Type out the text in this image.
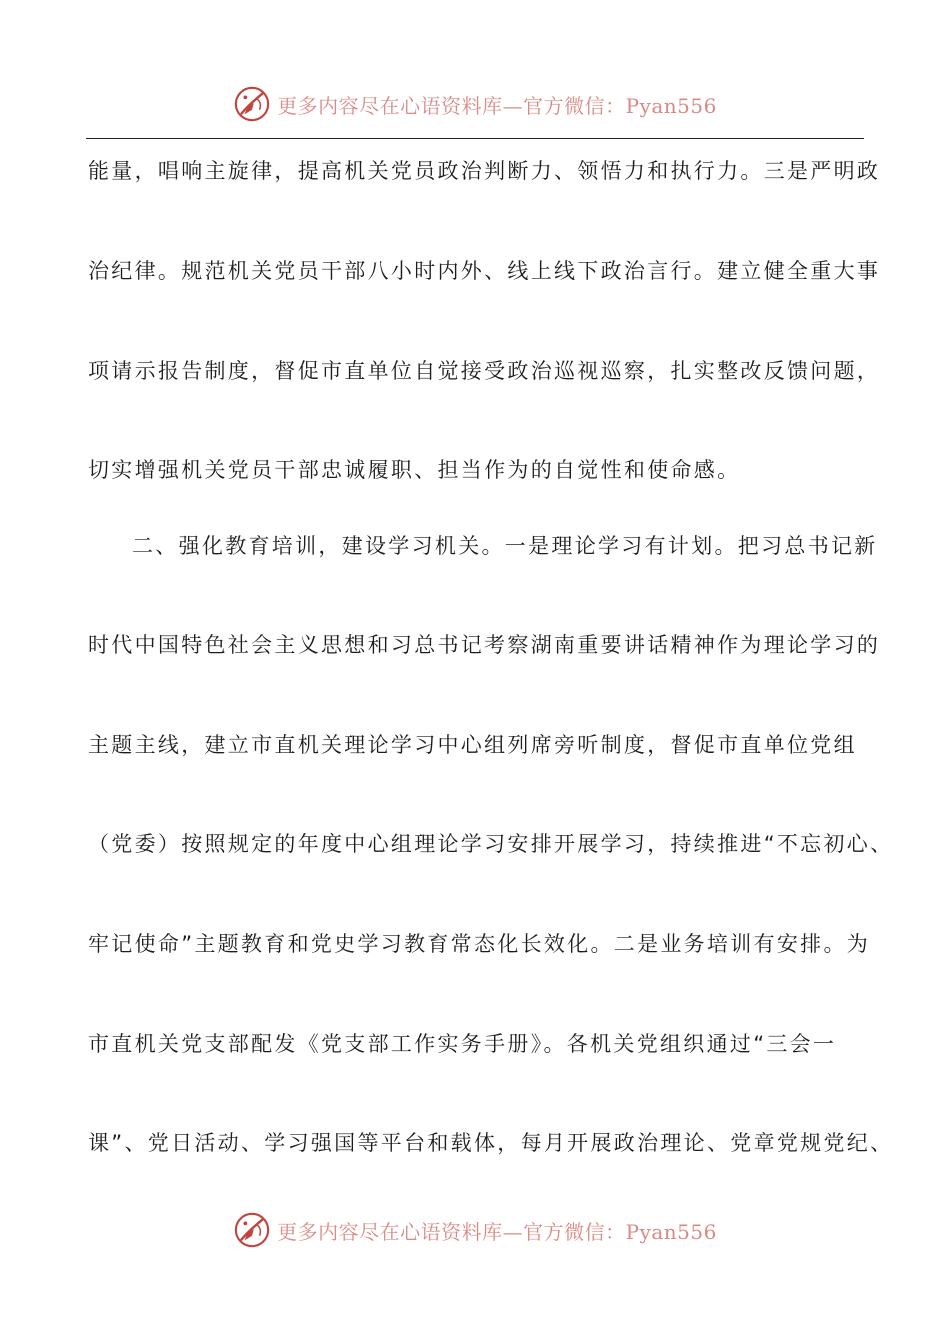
更多内容尽在心语资料库—官方微信：Pyan556
能量，唱响主旋律，提高机关党员政治判断力、领悟力和执行力。三是严明政
治纪律。规范机关党员干部八小时内外、线上线下政治言行。建立健全重大事
项请示报告制度，督促市直单位自觉接受政治巡视巡察，扎实整改反馈问题，
切实增强机关党员干部忠诚履职、担当作为的自觉性和使命感。
二、强化教育培训，建设学习机关。一是理论学习有计划。把习总书记新
时代中国特色社会主义思想和习总书记考察湖南重要讲话精神作为理论学习的
主题主线，建立市直机关理论学习中心组列席旁听制度，督促市直单位党组
（党委）按照规定的年度中心组理论学习安排开展学习，持续推进“不忘初心、
牢记使命”主题教育和党史学习教育常态化长效化。二是业务培训有安排。为
市直机关党支部配发《党支部工作实务手册》。各机关党组织通过“三会一
课”、党日活动、学习强国等平台和载体，每月开展政治理论、党章党规党纪、
更多内容尽在心语资料库—官方微信：Pyan556
